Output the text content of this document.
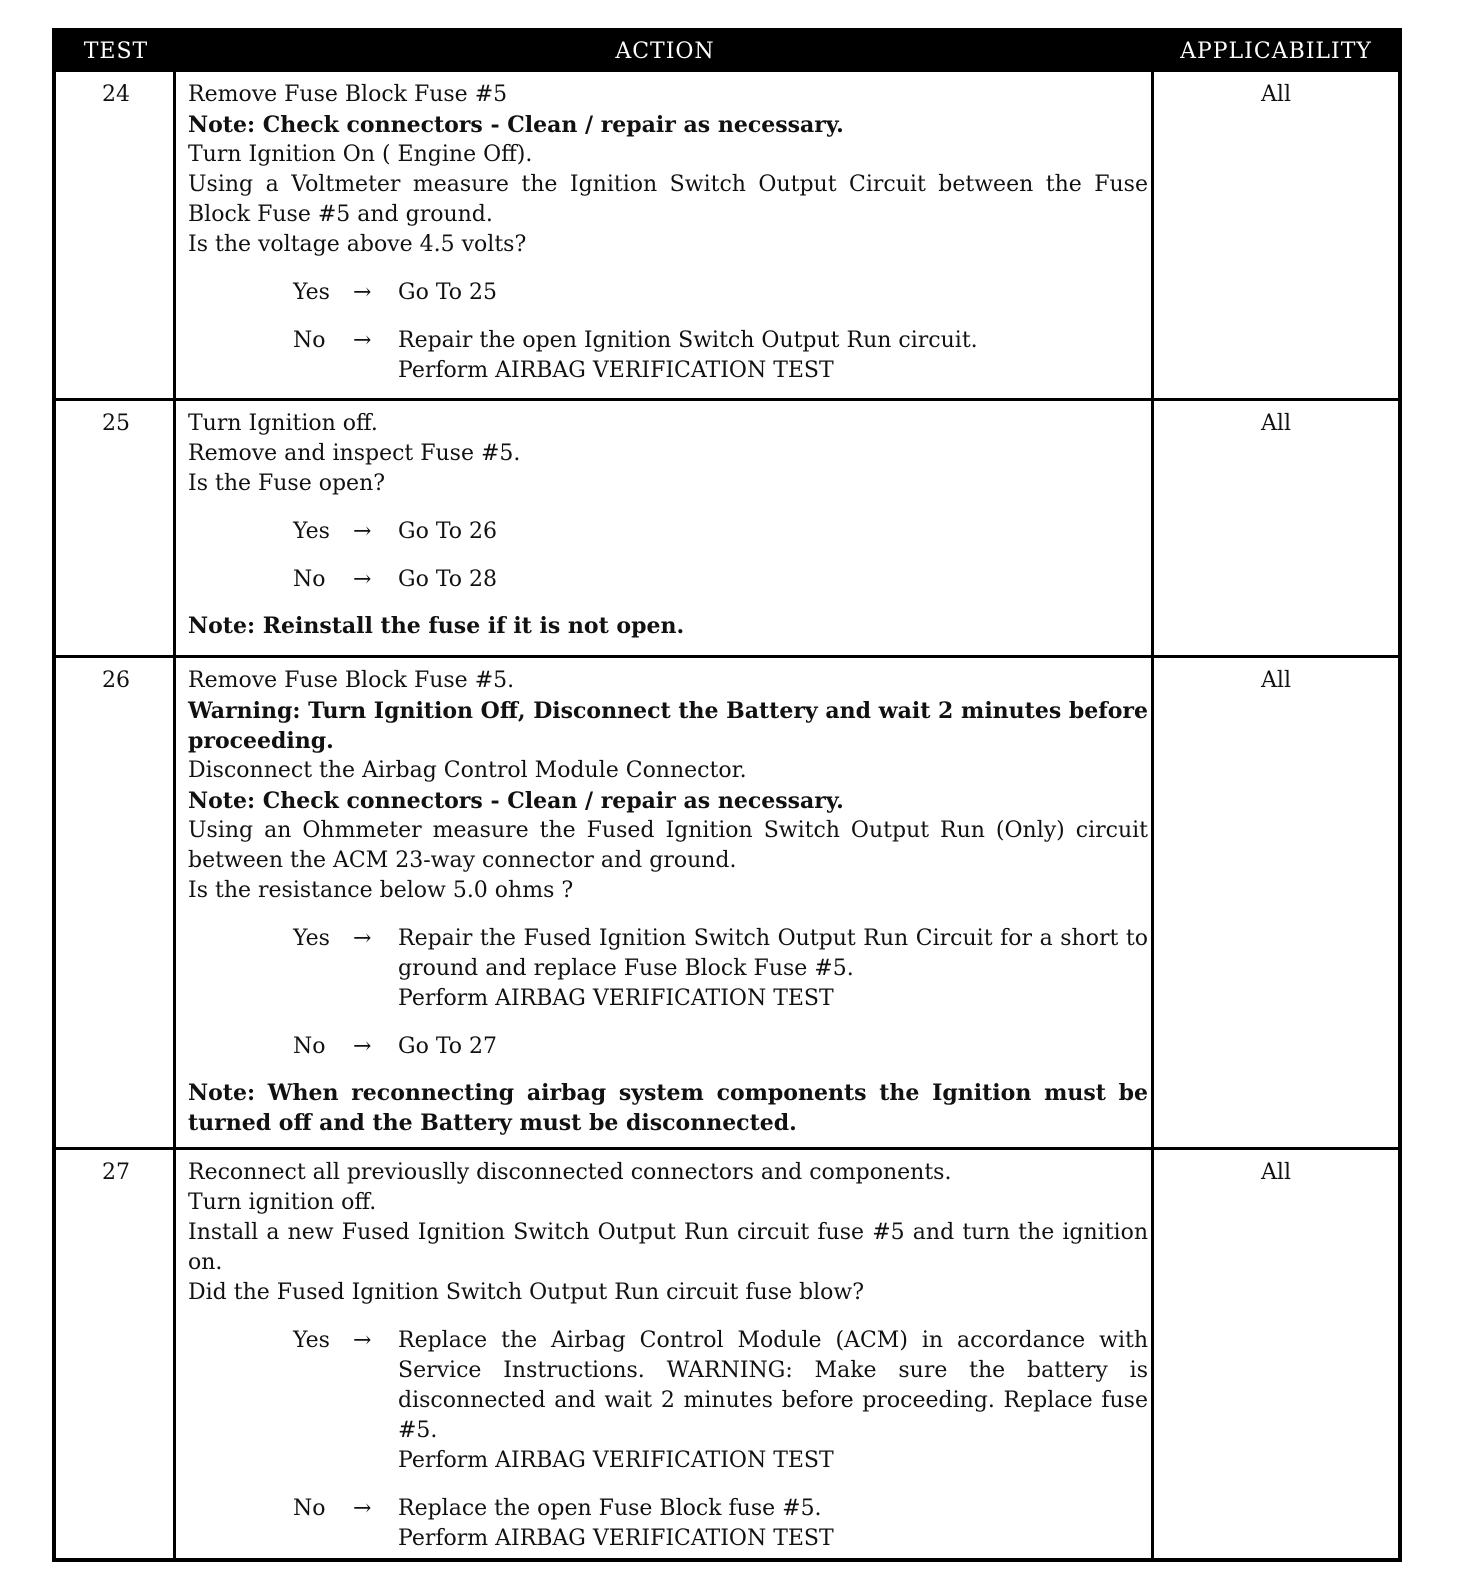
TEST	ACTION	APPLICABILITY
24	Remove Fuse Block Fuse #5
Note: Check connectors - Clean / repair as necessary.
Turn Ignition On ( Engine Off).
Using a Voltmeter measure the Ignition Switch Output Circuit between the Fuse Block Fuse #5 and ground.
Is the voltage above 4.5 volts?
Yes	→ Go To 25
No	→ Repair the open Ignition Switch Output Run circuit.
Perform AIRBAG VERIFICATION TEST
All
25	Turn Ignition off.
Remove and inspect Fuse #5.
Is the Fuse open?
Yes	→ Go To 26
No	→ Go To 28
Note: Reinstall the fuse if it is not open.
All
26	Remove Fuse Block Fuse #5.
Warning: Turn Ignition Off, Disconnect the Battery and wait 2 minutes before proceeding.
Disconnect the Airbag Control Module Connector.
Note: Check connectors - Clean / repair as necessary.
Using an Ohmmeter measure the Fused Ignition Switch Output Run (Only) circuit between the ACM 23-way connector and ground.
Is the resistance below 5.0 ohms ?
Yes	→ Repair the Fused Ignition Switch Output Run Circuit for a short to ground and replace Fuse Block Fuse #5.
Perform AIRBAG VERIFICATION TEST
No	→ Go To 27
Note: When reconnecting airbag system components the Ignition must be turned off and the Battery must be disconnected.
All
27	Reconnect all previouslly disconnected connectors and components.
Turn ignition off.
Install a new Fused Ignition Switch Output Run circuit fuse #5 and turn the ignition on.
Did the Fused Ignition Switch Output Run circuit fuse blow?
Yes	→ Replace the Airbag Control Module (ACM) in accordance with Service Instructions. WARNING: Make sure the battery is disconnected and wait 2 minutes before proceeding. Replace fuse #5.
Perform AIRBAG VERIFICATION TEST
No	→ Replace the open Fuse Block fuse #5.
Perform AIRBAG VERIFICATION TEST
All
